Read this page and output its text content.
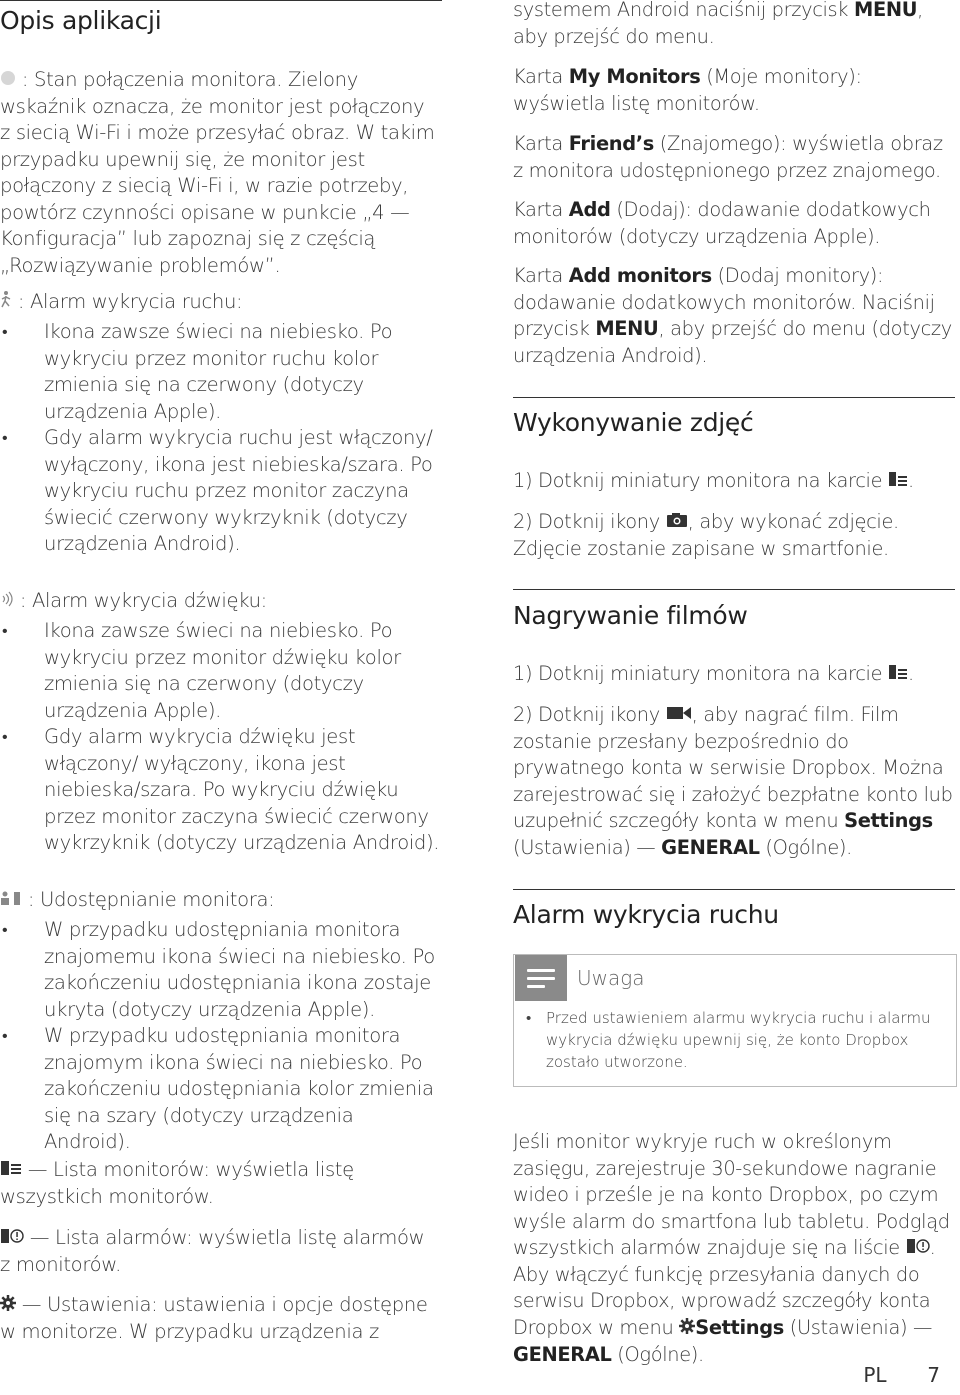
Opis aplikacji

: Stan połączenia monitora. Zielony wskaźnik oznacza, że monitor jest połączony z siecią Wi-Fi i może przesyłać obraz. W takim przypadku upewnij się, że monitor jest połączony z siecią Wi-Fi i, w razie potrzeby, powtórz czynności opisane w punkcie „4 — Konfiguracja” lub zapoznaj się z częścią „Rozwiązywanie problemów”.

: Alarm wykrycia ruchu:

• Ikona zawsze świeci na niebiesko. Po wykryciu przez monitor ruchu kolor zmienia się na czerwony (dotyczy urządzenia Apple).
• Gdy alarm wykrycia ruchu jest włączony/ wyłączony, ikona jest niebieska/szara. Po wykryciu ruchu przez monitor zaczyna świecić czerwony wykrzyknik (dotyczy urządzenia Android).

: Alarm wykrycia dźwięku:

• Ikona zawsze świeci na niebiesko. Po wykryciu przez monitor dźwięku kolor zmienia się na czerwony (dotyczy urządzenia Apple).
• Gdy alarm wykrycia dźwięku jest włączony/ wyłączony, ikona jest niebieska/szara. Po wykryciu dźwięku przez monitor zaczyna świecić czerwony wykrzyknik (dotyczy urządzenia Android).

: Udostępnianie monitora:

• W przypadku udostępniania monitora znajomemu ikona świeci na niebiesko. Po zakończeniu udostępniania ikona zostaje ukryta (dotyczy urządzenia Apple).
• W przypadku udostępniania monitora znajomym ikona świeci na niebiesko. Po zakończeniu udostępniania kolor zmienia się na szary (dotyczy urządzenia Android).

— Lista monitorów: wyświetla listę wszystkich monitorów.

— Lista alarmów: wyświetla listę alarmów z monitorów.

— Ustawienia: ustawienia i opcje dostępne w monitorze. W przypadku urządzenia z

systemem Android naciśnij przycisk MENU, aby przejść do menu.

Karta My Monitors (Moje monitory): wyświetla listę monitorów.

Karta Friend’s (Znajomego): wyświetla obraz z monitora udostępnionego przez znajomego.

Karta Add (Dodaj): dodawanie dodatkowych monitorów (dotyczy urządzenia Apple).

Karta Add monitors (Dodaj monitory): dodawanie dodatkowych monitorów. Naciśnij przycisk MENU, aby przejść do menu (dotyczy urządzenia Android).

Wykonywanie zdjęć

1) Dotknij miniatury monitora na karcie .

2) Dotknij ikony , aby wykonać zdjęcie. Zdjęcie zostanie zapisane w smartfonie.

Nagrywanie filmów

1) Dotknij miniatury monitora na karcie .

2) Dotknij ikony , aby nagrać film. Film zostanie przesłany bezpośrednio do prywatnego konta w serwisie Dropbox. Można zarejestrować się i założyć bezpłatne konto lub uzupełnić szczegóły konta w menu Settings (Ustawienia) — GENERAL (Ogólne).

Alarm wykrycia ruchu
Uwaga
• Przed ustawieniem alarmu wykrycia ruchu i alarmu wykrycia dźwięku upewnij się, że konto Dropbox zostało utworzone.

Jeśli monitor wykryje ruch w określonym zasięgu, zarejestruje 30-sekundowe nagranie wideo i prześle je na konto Dropbox, po czym wyśle alarm do smartfona lub tabletu. Podgląd wszystkich alarmów znajduje się na liście . Aby włączyć funkcję przesyłania danych do serwisu Dropbox, wprowadź szczegóły konta Dropbox w menu Settings (Ustawienia) — GENERAL (Ogólne).

PL 7
